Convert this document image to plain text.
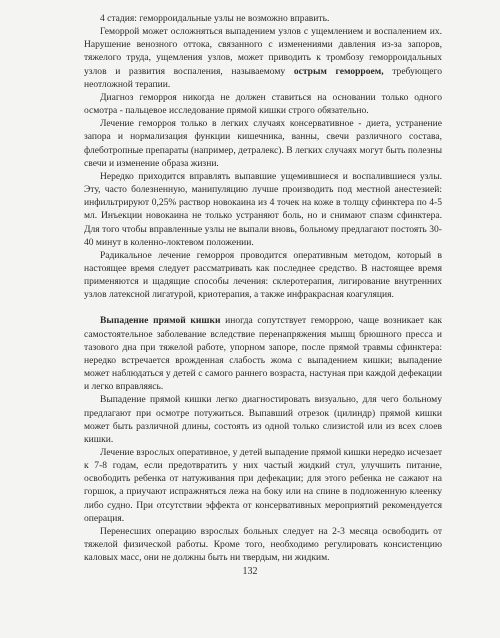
4 стадия: геморроидальные узлы не возможно вправить.

Геморрой может осложняться выпадением узлов с ущемлением и воспалением их. Нарушение венозного оттока, связанного с изменениями давления из-за запоров, тяжелого труда, ущемления узлов, может приводить к тромбозу геморроидальных узлов и развития воспаления, называемому острым геморроем, требующего неотложной терапии.

Диагноз геморроя никогда не должен ставиться на основании только одного осмотра - пальцевое исследование прямой кишки строго обязательно.

Лечение геморроя только в легких случаях консервативное - диета, устранение запора и нормализация функции кишечника, ванны, свечи различного состава, флеботропные препараты (например, детралекс). В легких случаях могут быть полезны свечи и изменение образа жизни.

Нередко приходится вправлять выпавшие ущемившиеся и воспалившиеся узлы. Эту, часто болезненную, манипуляцию лучше производить под местной анестезией: инфильтрируют 0,25% раствор новокаина из 4 точек на коже в толщу сфинктера по 4-5 мл. Инъекции новокаина не только устраняют боль, но и снимают спазм сфинктера. Для того чтобы вправленные узлы не выпали вновь, больному предлагают постоять 30-40 минут в коленно-локтевом положении.

Радикальное лечение геморроя проводится оперативным методом, который в настоящее время следует рассматривать как последнее средство. В настоящее время применяются и щадящие способы лечения: склеротерапия, лигирование внутренних узлов латексной лигатурой, криотерапия, а также инфракрасная коагуляция.

Выпадение прямой кишки иногда сопутствует геморрою, чаще возникает как самостоятельное заболевание вследствие перенапряжения мышц брюшного пресса и тазового дна при тяжелой работе, упорном запоре, после прямой травмы сфинктера: нередко встречается врожденная слабость жома с выпадением кишки; выпадение может наблюдаться у детей с самого раннего возраста, настуная при каждой дефекации и легко вправляясь.

Выпадение прямой кишки легко диагностировать визуально, для чего больному предлагают при осмотре потужиться. Выпавший отрезок (цилиндр) прямой кишки может быть различной длины, состоять из одной только слизистой или из всех слоев кишки.

Лечение взрослых оперативное, у детей выпадение прямой кишки нередко исчезает к 7-8 годам, если предотвратить у них частый жидкий стул, улучшить питание, освободить ребенка от натуживания при дефекации; для этого ребенка не сажают на горшок, а приучают испражняться лежа на боку или на спине в подложенную клеенку либо судно. При отсутствии эффекта от консервативных мероприятий рекомендуется операция.

Перенесших операцию взрослых больных следует на 2-3 месяца освободить от тяжелой физической работы. Кроме того, необходимо регулировать консистенцию каловых масс, они не должны быть ни твердым, ни жидким.

132
